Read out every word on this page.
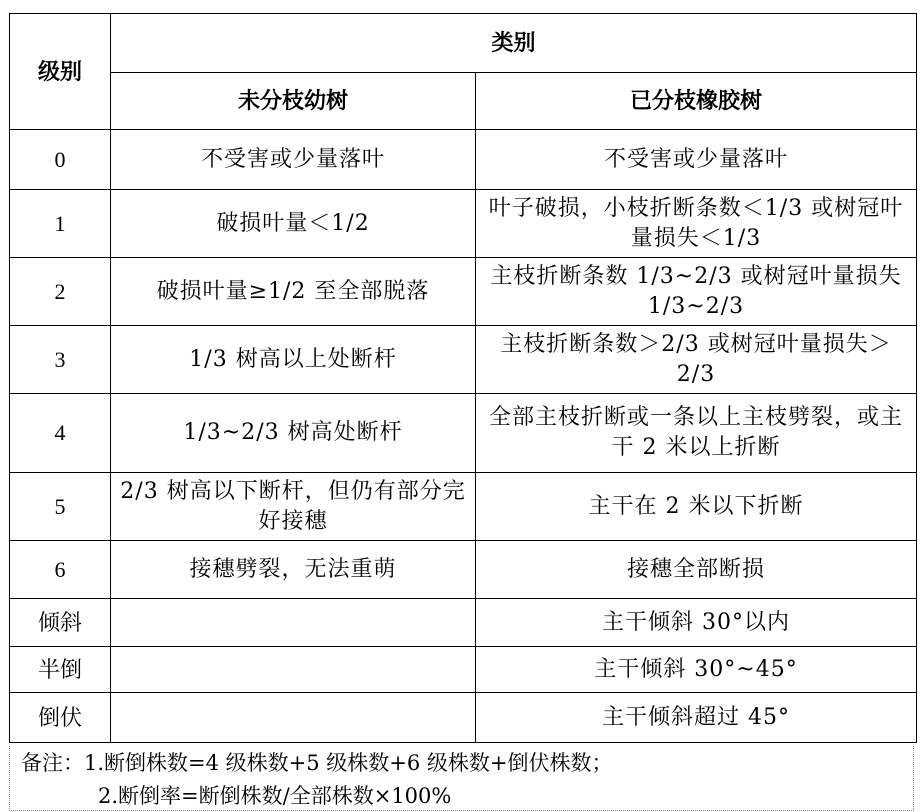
级别	类别	
	未分枝幼树	已分枝橡胶树
0	不受害或少量落叶	不受害或少量落叶
1	破损叶量＜1/2	叶子破损，小枝折断条数＜1/3 或树冠叶量损失＜1/3
2	破损叶量≥1/2 至全部脱落	主枝折断条数 1/3~2/3 或树冠叶量损失 1/3~2/3
3	1/3 树高以上处断杆	主枝折断条数＞2/3 或树冠叶量损失＞2/3
4	1/3~2/3 树高处断杆	全部主枝折断或一条以上主枝劈裂，或主干 2 米以上折断
5	2/3 树高以下断杆，但仍有部分完好接穗	主干在 2 米以下折断
6	接穗劈裂，无法重萌	接穗全部断损
倾斜		主干倾斜 30°以内
半倒		主干倾斜 30°~45°
倒伏		主干倾斜超过 45°
备注：1.断倒株数=4 级株数+5 级株数+6 级株数+倒伏株数；
2.断倒率=断倒株数/全部株数×100%
